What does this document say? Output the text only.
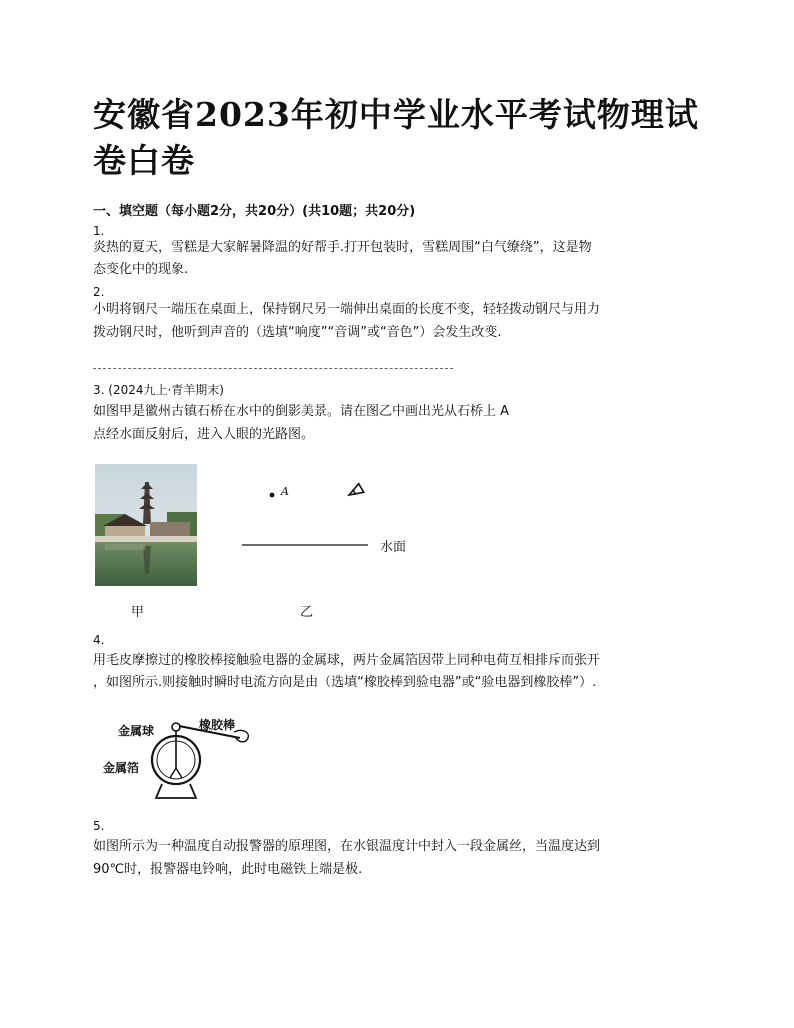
安徽省2023年初中学业水平考试物理试卷白卷

一、填空题（每小题2分，共20分）(共10题；共20分)

1.

炎热的夏天，雪糕是大家解暑降温的好帮手.打开包装时，雪糕周围“白气缭绕”，这是物

态变化中的现象.

2.

小明将钢尺一端压在桌面上，保持钢尺另一端伸出桌面的长度不变，轻轻拨动钢尺与用力

拨动钢尺时，他听到声音的（选填“响度”“音调”或“音色”）会发生改变.

3. (2024九上·青羊期末)

如图甲是徽州古镇石桥在水中的倒影美景。请在图乙中画出光从石桥上 A

点经水面反射后，进入人眼的光路图。

甲
A
水面
乙

4.

用毛皮摩擦过的橡胶棒接触验电器的金属球，两片金属箔因带上同种电荷互相排斥而张开

，如图所示.则接触时瞬时电流方向是由（选填“橡胶棒到验电器”或“验电器到橡胶棒”）.

金属球	橡胶棒
金属箔

5.

如图所示为一种温度自动报警器的原理图，在水银温度计中封入一段金属丝，当温度达到

90℃时，报警器电铃响，此时电磁铁上端是极.
